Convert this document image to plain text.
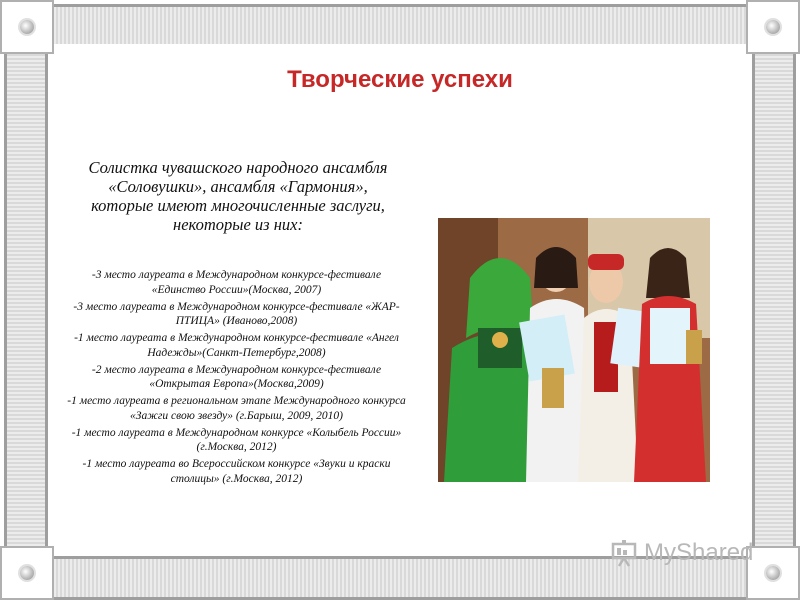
Творческие успехи
Солистка чувашского народного ансамбля «Соловушки», ансамбля «Гармония», которые имеют многочисленные заслуги, некоторые из них:
-3 место лауреата в Международном конкурсе-фестивале «Единство России»(Москва, 2007)
-3 место лауреата в Международном конкурсе-фестивале «ЖАР-ПТИЦА» (Иваново,2008)
-1 место лауреата в Международном конкурсе-фестивале «Ангел Надежды»(Санкт-Петербург,2008)
-2 место лауреата в Международном конкурсе-фестивале «Открытая Европа»(Москва,2009)
-1 место лауреата в региональном этапе Международного конкурса «Зажги свою звезду» (г.Барыш, 2009, 2010)
-1 место лауреата в Международном конкурсе «Колыбель России» (г.Москва, 2012)
-1 место лауреата во Всероссийском конкурсе «Звуки и краски столицы» (г.Москва, 2012)
MyShared
